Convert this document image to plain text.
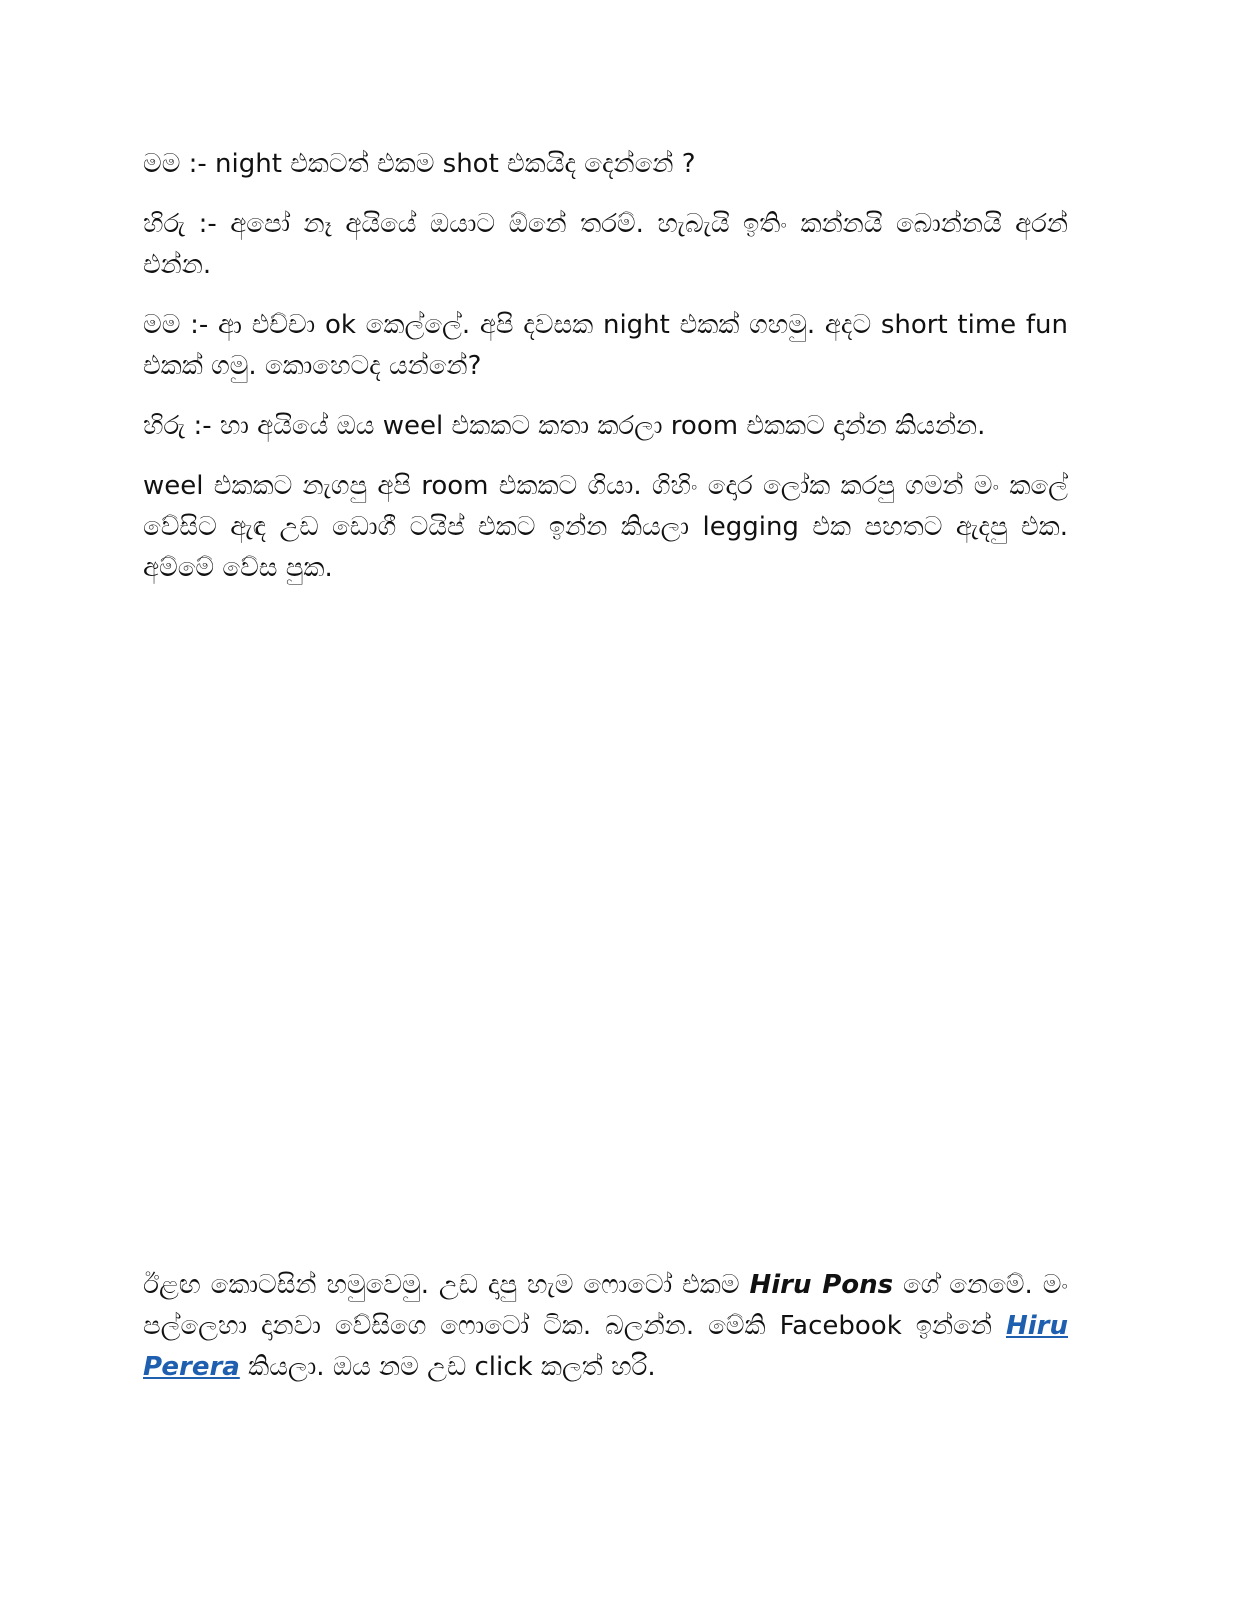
මම :- night එකටත් එකම shot එකයිද දෙන්නේ ?

හිරු :- අපෝ නෑ අයියේ ඔයාට ඕනේ තරම්. හැබැයි ඉතිං කන්නයි බොන්නයි අරන් එන්න.

මම :- ආ එච්චා ok කෙල්ලේ. අපි දවසක night එකක් ගහමු. අදට short time fun එකක් ගමු. කොහෙටද යන්නේ?

හිරු :- හා අයියේ ඔය weel එකකට කතා කරලා room එකකට දාන්න කියන්න.

weel එකකට නැගපු අපි room එකකට ගියා. ගිහිං දොර ලෝක කරපු ගමන් මං කලේ වේසිට ඇඳ උඩ ඩොගී ටයිප් එකට ඉන්න කියලා legging එක පහතට ඇදපු එක. අම්මේ වේස පුක.

ඊළඟ කොටසින් හමුවෙමු. උඩ දාපු හැම ෆොටෝ එකම Hiru Pons ගේ නෙමේ. මං පල්ලෙහා දානවා වේසිගෙ ෆොටෝ ටික. බලන්න. මේකි Facebook ඉන්නේ Hiru Perera කියලා. ඔය නම උඩ click කලත් හරි.
